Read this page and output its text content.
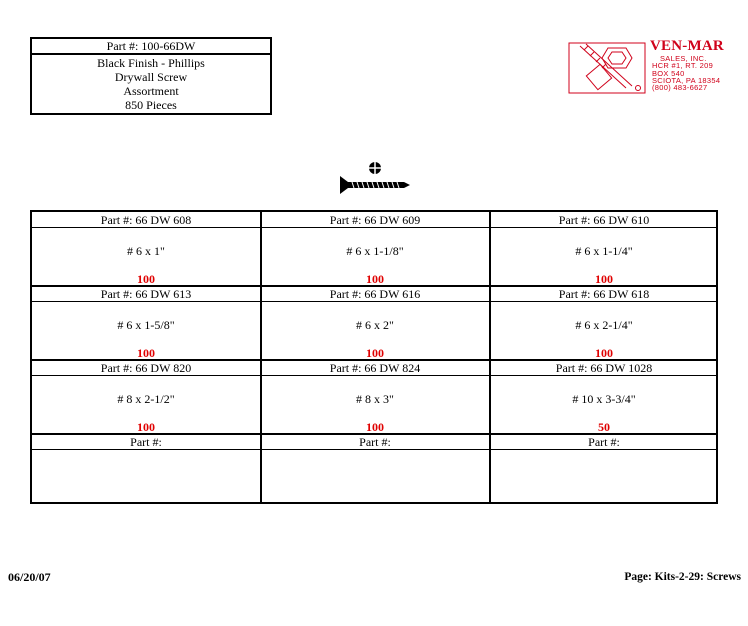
Part #: 100-66DW
Black Finish - Phillips
Drywall Screw
Assortment
850 Pieces
VEN-MAR
SALES, INC.
HCR #1, RT. 209
BOX 540
SCIOTA, PA 18354
(800) 483-6627
Part #: 66 DW 608	Part #: 66 DW 609	Part #: 66 DW 610
# 6 x 1"	# 6 x 1-1/8"	# 6 x 1-1/4"
100	100	100
Part #: 66 DW 613	Part #: 66 DW 616	Part #: 66 DW 618
# 6 x 1-5/8"	# 6 x 2"	# 6 x 2-1/4"
100	100	100
Part #: 66 DW 820	Part #: 66 DW 824	Part #: 66 DW 1028
# 8 x 2-1/2"	# 8 x 3"	# 10 x 3-3/4"
100	100	50
Part #:	Part #:	Part #:
06/20/07	Page: Kits-2-29: Screws
